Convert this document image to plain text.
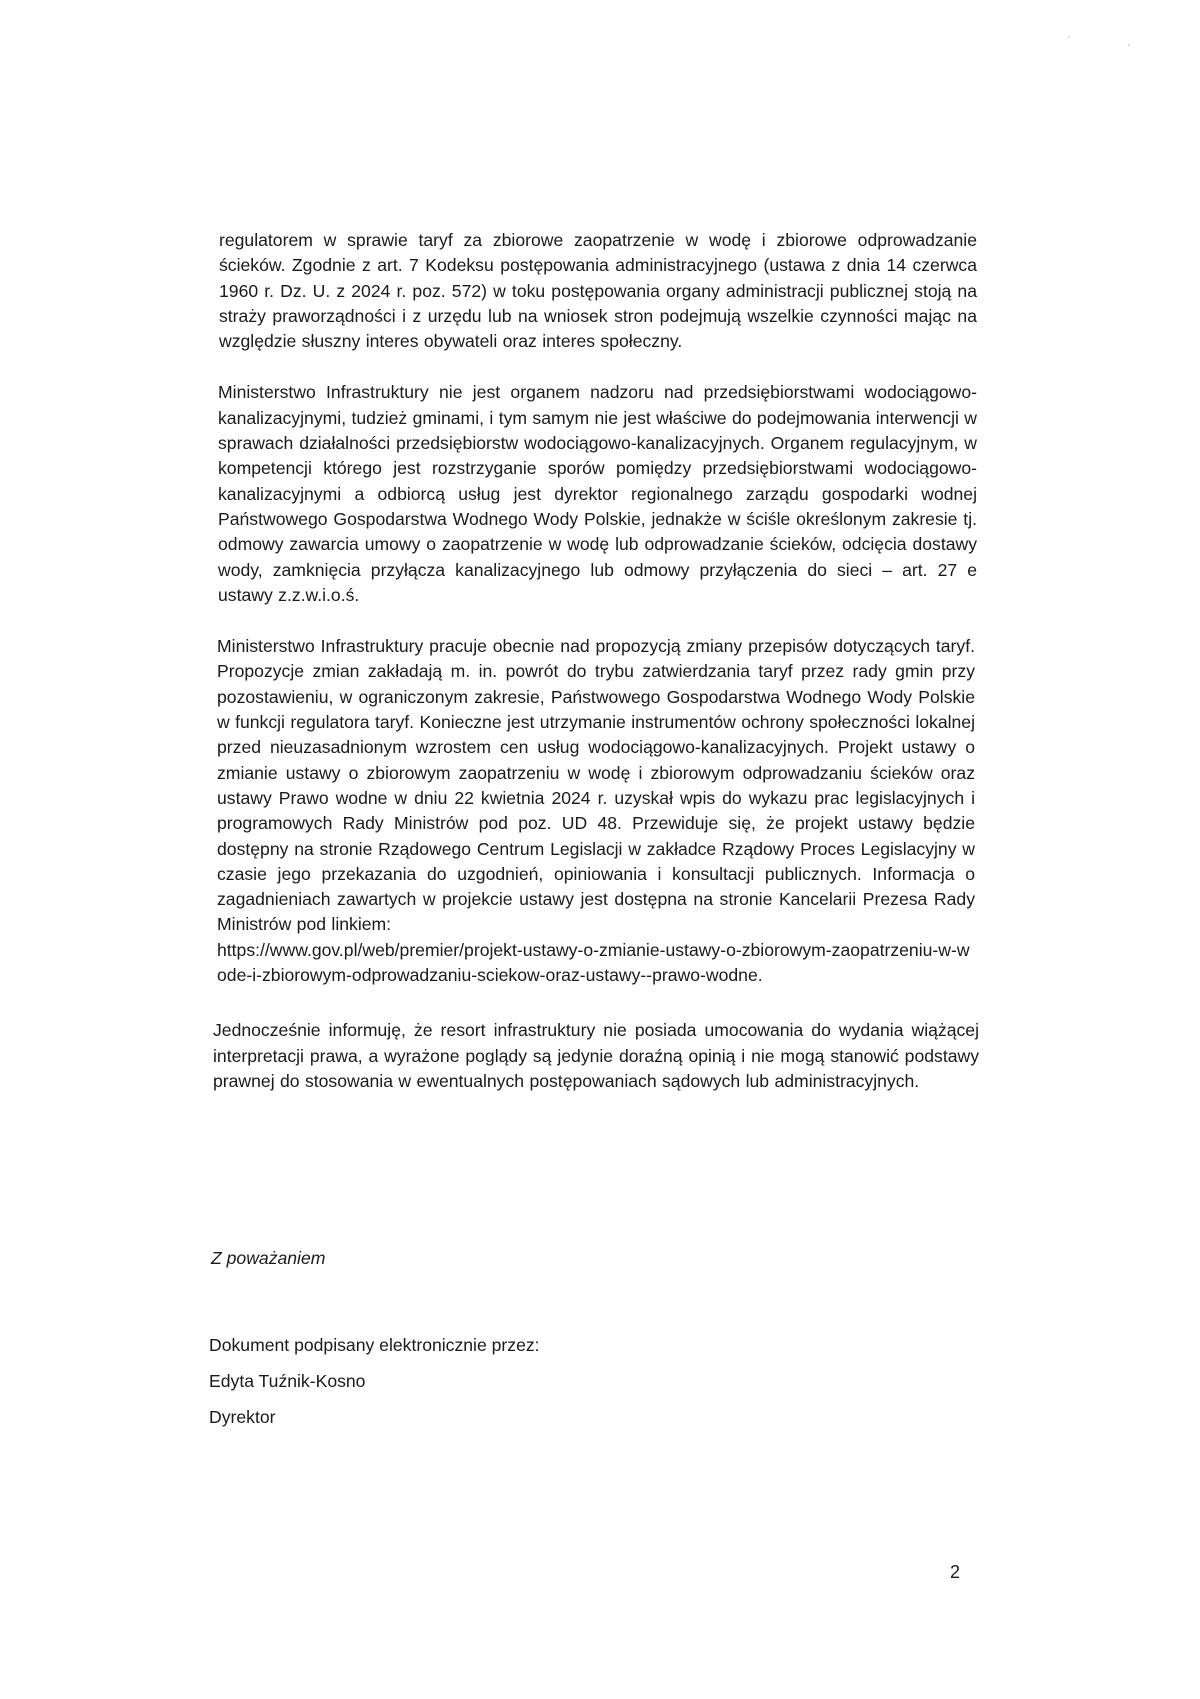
regulatorem w sprawie taryf za zbiorowe zaopatrzenie w wodę i zbiorowe odprowadzanie ścieków. Zgodnie z art. 7 Kodeksu postępowania administracyjnego (ustawa z dnia 14 czerwca 1960 r. Dz. U. z 2024 r. poz. 572) w toku postępowania organy administracji publicznej stoją na straży praworządności i z urzędu lub na wniosek stron podejmują wszelkie czynności mając na względzie słuszny interes obywateli oraz interes społeczny.

Ministerstwo Infrastruktury nie jest organem nadzoru nad przedsiębiorstwami wodociągowo-kanalizacyjnymi, tudzież gminami, i tym samym nie jest właściwe do podejmowania interwencji w sprawach działalności przedsiębiorstw wodociągowo-kanalizacyjnych. Organem regulacyjnym, w kompetencji którego jest rozstrzyganie sporów pomiędzy przedsiębiorstwami wodociągowo-kanalizacyjnymi a odbiorcą usług jest dyrektor regionalnego zarządu gospodarki wodnej Państwowego Gospodarstwa Wodnego Wody Polskie, jednakże w ściśle określonym zakresie tj. odmowy zawarcia umowy o zaopatrzenie w wodę lub odprowadzanie ścieków, odcięcia dostawy wody, zamknięcia przyłącza kanalizacyjnego lub odmowy przyłączenia do sieci – art. 27 e ustawy z.z.w.i.o.ś.

Ministerstwo Infrastruktury pracuje obecnie nad propozycją zmiany przepisów dotyczących taryf. Propozycje zmian zakładają m. in. powrót do trybu zatwierdzania taryf przez rady gmin przy pozostawieniu, w ograniczonym zakresie, Państwowego Gospodarstwa Wodnego Wody Polskie w funkcji regulatora taryf. Konieczne jest utrzymanie instrumentów ochrony społeczności lokalnej przed nieuzasadnionym wzrostem cen usług wodociągowo-kanalizacyjnych. Projekt ustawy o zmianie ustawy o zbiorowym zaopatrzeniu w wodę i zbiorowym odprowadzaniu ścieków oraz ustawy Prawo wodne w dniu 22 kwietnia 2024 r. uzyskał wpis do wykazu prac legislacyjnych i programowych Rady Ministrów pod poz. UD 48. Przewiduje się, że projekt ustawy będzie dostępny na stronie Rządowego Centrum Legislacji w zakładce Rządowy Proces Legislacyjny w czasie jego przekazania do uzgodnień, opiniowania i konsultacji publicznych. Informacja o zagadnieniach zawartych w projekcie ustawy jest dostępna na stronie Kancelarii Prezesa Rady Ministrów pod linkiem:
https://www.gov.pl/web/premier/projekt-ustawy-o-zmianie-ustawy-o-zbiorowym-zaopatrzeniu-w-wode-i-zbiorowym-odprowadzaniu-sciekow-oraz-ustawy--prawo-wodne.

Jednocześnie informuję, że resort infrastruktury nie posiada umocowania do wydania wiążącej interpretacji prawa, a wyrażone poglądy są jedynie doraźną opinią i nie mogą stanowić podstawy prawnej do stosowania w ewentualnych postępowaniach sądowych lub administracyjnych.

Z poważaniem

Dokument podpisany elektronicznie przez:
Edyta Tuźnik-Kosno
Dyrektor
2
